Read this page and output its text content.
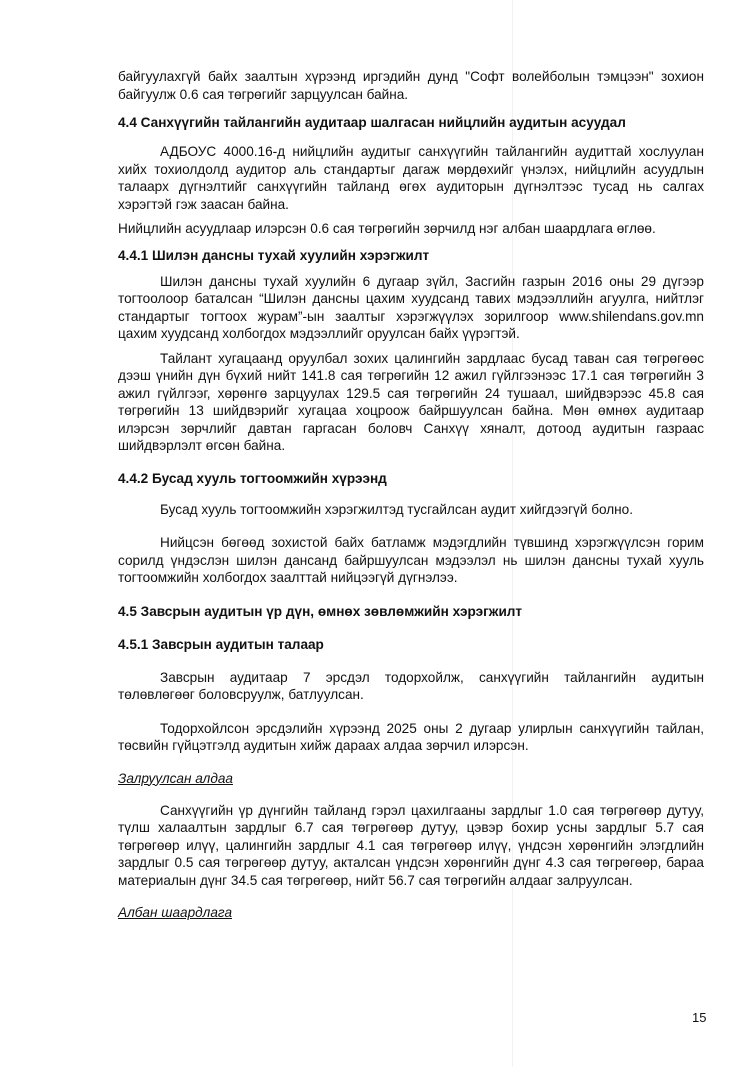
байгуулахгүй байх заалтын хүрээнд иргэдийн дунд "Софт волейболын тэмцээн" зохион байгуулж 0.6 сая төгрөгийг зарцуулсан байна.

4.4 Санхүүгийн тайлангийн аудитаар шалгасан нийцлийн аудитын асуудал

АДБОУС 4000.16-д нийцлийн аудитыг санхүүгийн тайлангийн аудиттай хослуулан хийх тохиолдолд аудитор аль стандартыг дагаж мөрдөхийг үнэлэх, нийцлийн асуудлын талаарх дүгнэлтийг санхүүгийн тайланд өгөх аудиторын дүгнэлтээс тусад нь салгах хэрэгтэй гэж заасан байна.

Нийцлийн асуудлаар илэрсэн 0.6 сая төгрөгийн зөрчилд нэг албан шаардлага өглөө.

4.4.1 Шилэн дансны тухай хуулийн хэрэгжилт

Шилэн дансны тухай хуулийн 6 дугаар зүйл, Засгийн газрын 2016 оны 29 дүгээр тогтоолоор баталсан “Шилэн дансны цахим хуудсанд тавих мэдээллийн агуулга, нийтлэг стандартыг тогтоох журам”-ын заалтыг хэрэгжүүлэх зорилгоор www.shilendans.gov.mn цахим хуудсанд холбогдох мэдээллийг оруулсан байх үүрэгтэй.

Тайлант хугацаанд оруулбал зохих цалингийн зардлаас бусад таван сая төгрөгөөс дээш үнийн дүн бүхий нийт 141.8 сая төгрөгийн 12 ажил гүйлгээнээс 17.1 сая төгрөгийн 3 ажил гүйлгээг, хөрөнгө зарцуулах 129.5 сая төгрөгийн 24 тушаал, шийдвэрээс 45.8 сая төгрөгийн 13 шийдвэрийг хугацаа хоцроож байршуулсан байна. Мөн өмнөх аудитаар илэрсэн зөрчлийг давтан гаргасан боловч Санхүү хяналт, дотоод аудитын газраас шийдвэрлэлт өгсөн байна.

4.4.2 Бусад хууль тогтоомжийн хүрээнд

Бусад хууль тогтоомжийн хэрэгжилтэд тусгайлсан аудит хийгдээгүй болно.

Нийцсэн бөгөөд зохистой байх батламж мэдэгдлийн түвшинд хэрэгжүүлсэн горим сорилд үндэслэн шилэн дансанд байршуулсан мэдээлэл нь шилэн дансны тухай хууль тогтоомжийн холбогдох заалттай нийцээгүй дүгнэлээ.

4.5 Завсрын аудитын үр дүн, өмнөх зөвлөмжийн хэрэгжилт

4.5.1 Завсрын аудитын талаар

Завсрын аудитаар 7 эрсдэл тодорхойлж, санхүүгийн тайлангийн аудитын төлөвлөгөөг боловсруулж, батлуулсан.

Тодорхойлсон эрсдэлийн хүрээнд 2025 оны 2 дугаар улирлын санхүүгийн тайлан, төсвийн гүйцэтгэлд аудитын хийж дараах алдаа зөрчил илэрсэн.

Залруулсан алдаа

Санхүүгийн үр дүнгийн тайланд гэрэл цахилгааны зардлыг 1.0 сая төгрөгөөр дутуу, түлш халаалтын зардлыг 6.7 сая төгрөгөөр дутуу, цэвэр бохир усны зардлыг 5.7 сая төгрөгөөр илүү, цалингийн зардлыг 4.1 сая төгрөгөөр илүү, үндсэн хөрөнгийн элэгдлийн зардлыг 0.5 сая төгрөгөөр дутуу, акталсан үндсэн хөрөнгийн дүнг 4.3 сая төгрөгөөр, бараа материалын дүнг 34.5 сая төгрөгөөр, нийт 56.7 сая төгрөгийн алдааг залруулсан.

Албан шаардлага

15
